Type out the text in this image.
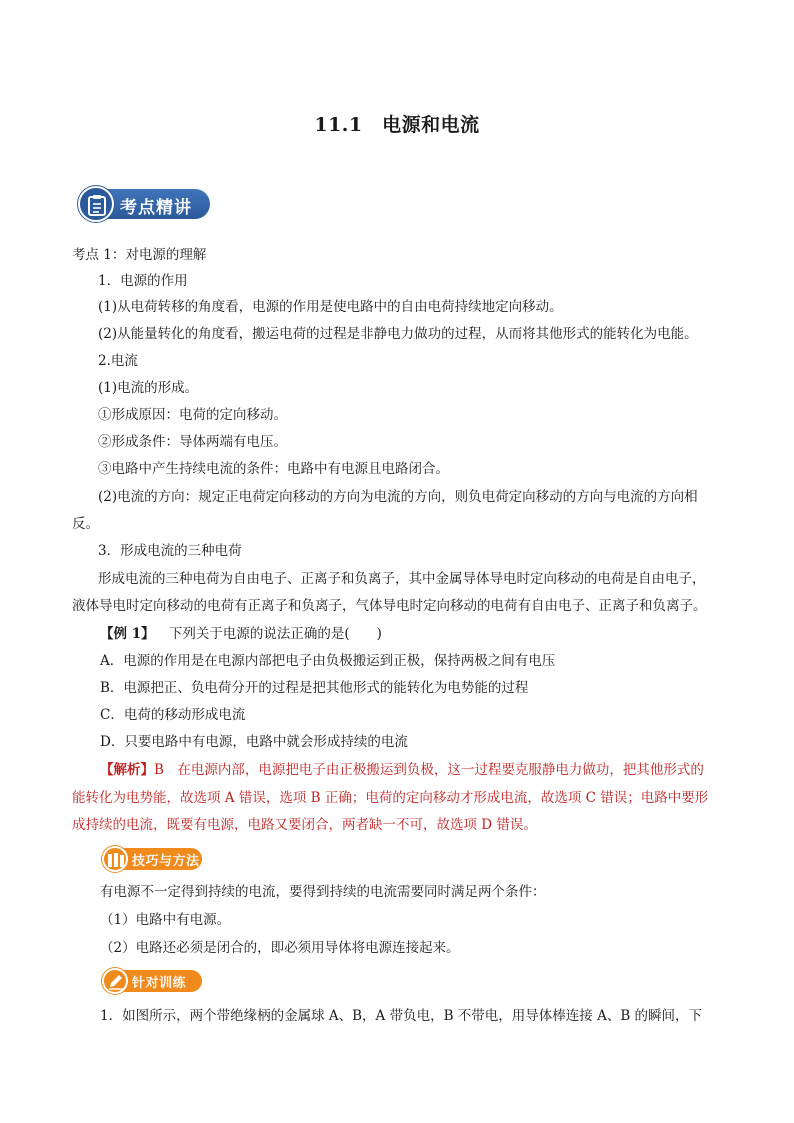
11.1　电源和电流
考点精讲
考点 1：对电源的理解
1．电源的作用
(1)从电荷转移的角度看，电源的作用是使电路中的自由电荷持续地定向移动。
(2)从能量转化的角度看，搬运电荷的过程是非静电力做功的过程，从而将其他形式的能转化为电能。
2.电流
(1)电流的形成。
①形成原因：电荷的定向移动。
②形成条件：导体两端有电压。
③电路中产生持续电流的条件：电路中有电源且电路闭合。
(2)电流的方向：规定正电荷定向移动的方向为电流的方向，则负电荷定向移动的方向与电流的方向相
反。
3．形成电流的三种电荷
形成电流的三种电荷为自由电子、正离子和负离子，其中金属导体导电时定向移动的电荷是自由电子，
液体导电时定向移动的电荷有正离子和负离子，气体导电时定向移动的电荷有自由电子、正离子和负离子。
【例 1】 下列关于电源的说法正确的是(　　)
A．电源的作用是在电源内部把电子由负极搬运到正极，保持两极之间有电压
B．电源把正、负电荷分开的过程是把其他形式的能转化为电势能的过程
C．电荷的移动形成电流
D．只要电路中有电源，电路中就会形成持续的电流
【解析】B　在电源内部，电源把电子由正极搬运到负极，这一过程要克服静电力做功，把其他形式的
能转化为电势能，故选项 A 错误，选项 B 正确；电荷的定向移动才形成电流，故选项 C 错误；电路中要形
成持续的电流，既要有电源，电路又要闭合，两者缺一不可，故选项 D 错误。
技巧与方法
有电源不一定得到持续的电流，要得到持续的电流需要同时满足两个条件：
（1）电路中有电源。
（2）电路还必须是闭合的，即必须用导体将电源连接起来。
针对训练
1．如图所示，两个带绝缘柄的金属球 A、B，A 带负电，B 不带电，用导体棒连接 A、B 的瞬间，下
